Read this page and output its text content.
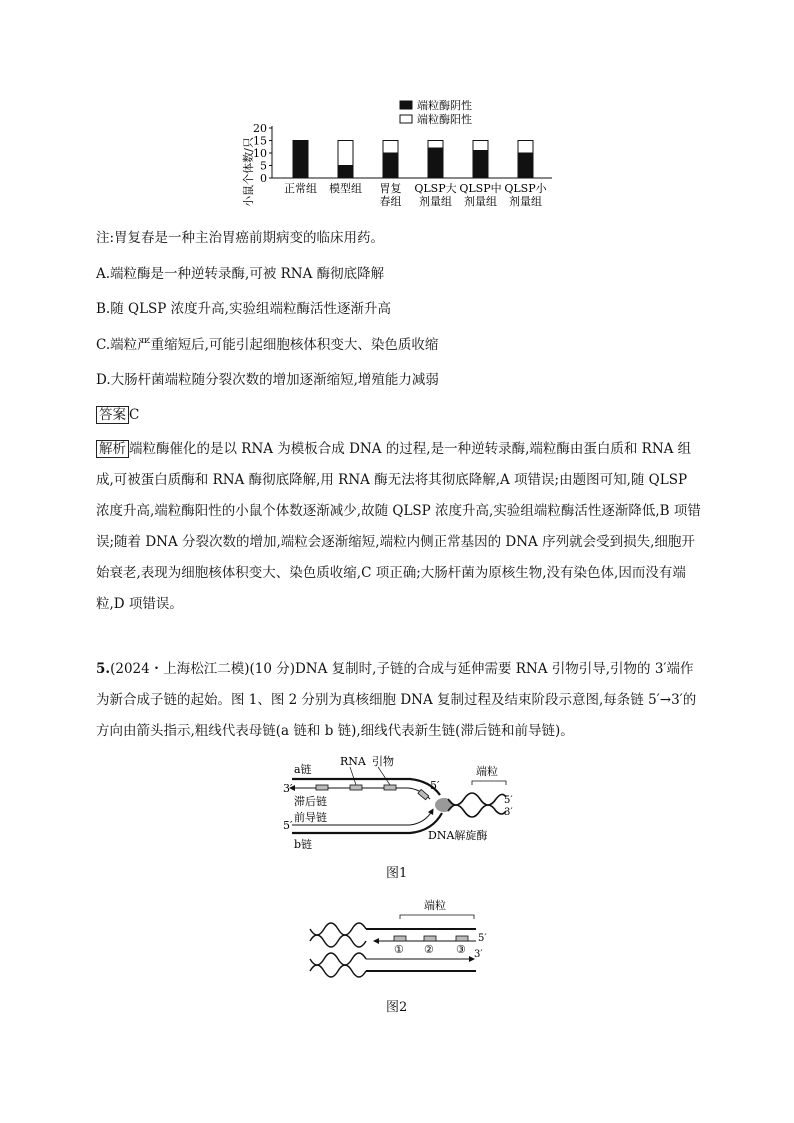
小鼠个体数/只 0
5
10
15
20
正常组 模型组 胃复
春组
QLSP大
剂量组
QLSP中
剂量组
QLSP小
剂量组
端粒酶阴性
端粒酶阳性
注:胃复春是一种主治胃癌前期病变的临床用药。
A.端粒酶是一种逆转录酶,可被 RNA 酶彻底降解
B.随 QLSP 浓度升高,实验组端粒酶活性逐渐升高
C.端粒严重缩短后,可能引起细胞核体积变大、染色质收缩
D.大肠杆菌端粒随分裂次数的增加逐渐缩短,增殖能力减弱
答案 C
解析 端粒酶催化的是以 RNA 为模板合成 DNA 的过程,是一种逆转录酶,端粒酶由蛋白质和 RNA 组成,可被蛋白质酶和 RNA 酶彻底降解,用 RNA 酶无法将其彻底降解,A 项错误;由题图可知,随 QLSP 浓度升高,端粒酶阳性的小鼠个体数逐渐减少,故随 QLSP 浓度升高,实验组端粒酶活性逐渐降低,B 项错误;随着 DNA 分裂次数的增加,端粒会逐渐缩短,端粒内侧正常基因的 DNA 序列就会受到损失,细胞开始衰老,表现为细胞核体积变大、染色质收缩,C 项正确;大肠杆菌为原核生物,没有染色体,因而没有端粒,D 项错误。
5.(2024・上海松江二模)(10 分)DNA 复制时,子链的合成与延伸需要 RNA 引物引导,引物的 3′端作为新合成子链的起始。图 1、图 2 分别为真核细胞 DNA 复制过程及结束阶段示意图,每条链 5′→3′的方向由箭头指示,粗线代表母链(a 链和 b 链),细线代表新生链(滞后链和前导链)。
a链
RNA 引物
3′
滞后链
5′
端粒
5′
3′
前导链
5′
b链
DNA解旋酶
图1
端粒
① ② ③
5′
3′
图2
